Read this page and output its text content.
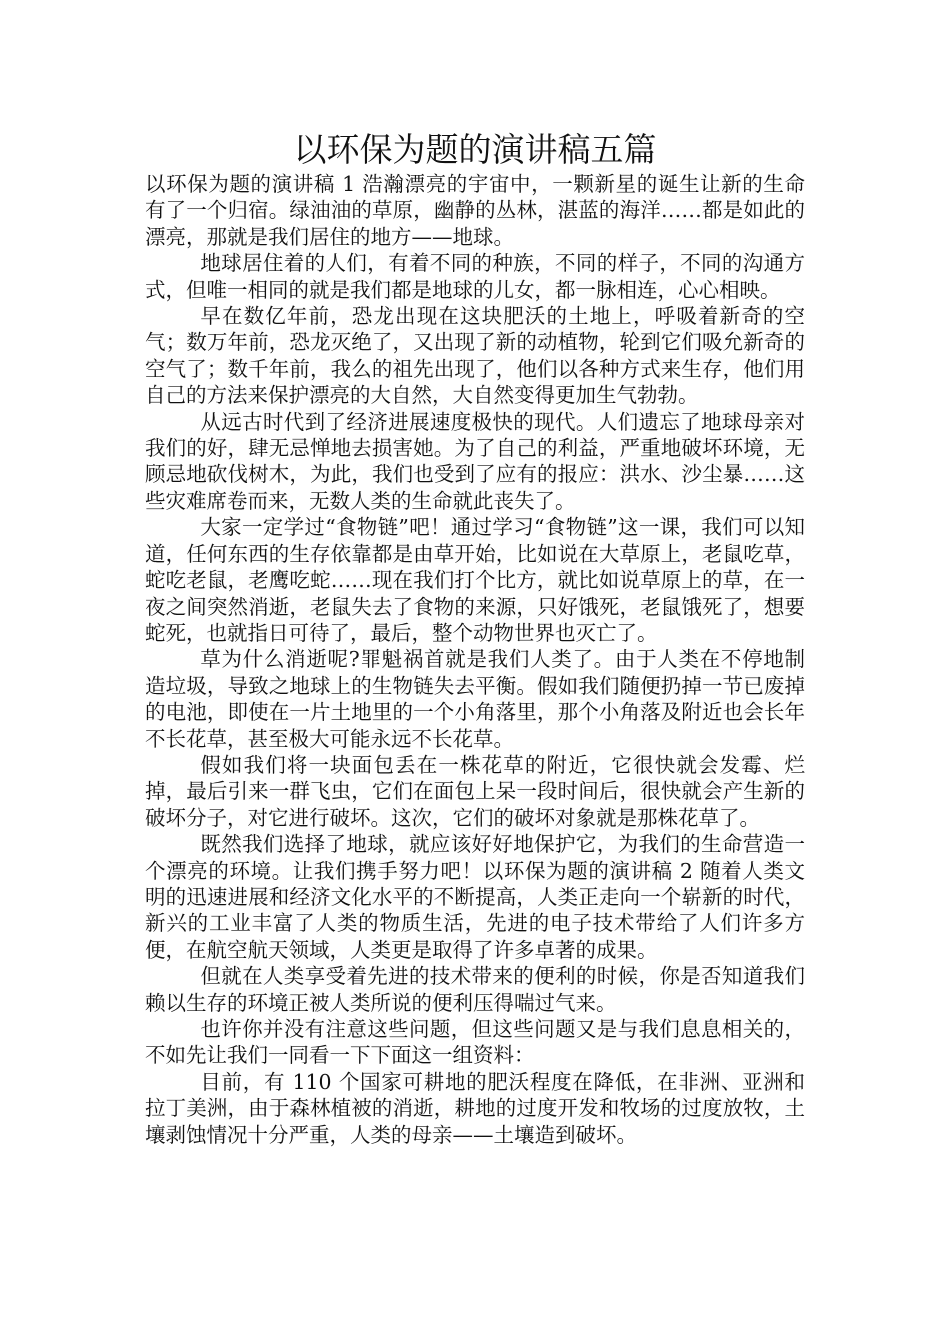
以环保为题的演讲稿五篇

以环保为题的演讲稿 1 浩瀚漂亮的宇宙中，一颗新星的诞生让新的生命有了一个归宿。绿油油的草原，幽静的丛林，湛蓝的海洋……都是如此的漂亮，那就是我们居住的地方——地球。

地球居住着的人们，有着不同的种族，不同的样子，不同的沟通方式，但唯一相同的就是我们都是地球的儿女，都一脉相连，心心相映。

早在数亿年前，恐龙出现在这块肥沃的土地上，呼吸着新奇的空气；数万年前，恐龙灭绝了，又出现了新的动植物，轮到它们吸允新奇的空气了；数千年前，我么的祖先出现了，他们以各种方式来生存，他们用自己的方法来保护漂亮的大自然，大自然变得更加生气勃勃。

从远古时代到了经济进展速度极快的现代。人们遗忘了地球母亲对我们的好，肆无忌惮地去损害她。为了自己的利益，严重地破坏环境，无顾忌地砍伐树木，为此，我们也受到了应有的报应：洪水、沙尘暴……这些灾难席卷而来，无数人类的生命就此丧失了。

大家一定学过“食物链”吧！通过学习“食物链”这一课，我们可以知道，任何东西的生存依靠都是由草开始，比如说在大草原上，老鼠吃草，蛇吃老鼠，老鹰吃蛇……现在我们打个比方，就比如说草原上的草，在一夜之间突然消逝，老鼠失去了食物的来源，只好饿死，老鼠饿死了，想要蛇死，也就指日可待了，最后，整个动物世界也灭亡了。

草为什么消逝呢?罪魁祸首就是我们人类了。由于人类在不停地制造垃圾，导致之地球上的生物链失去平衡。假如我们随便扔掉一节已废掉的电池，即使在一片土地里的一个小角落里，那个小角落及附近也会长年不长花草，甚至极大可能永远不长花草。

假如我们将一块面包丢在一株花草的附近，它很快就会发霉、烂掉，最后引来一群飞虫，它们在面包上呆一段时间后，很快就会产生新的破坏分子，对它进行破坏。这次，它们的破坏对象就是那株花草了。

既然我们选择了地球，就应该好好地保护它，为我们的生命营造一个漂亮的环境。让我们携手努力吧！以环保为题的演讲稿 2 随着人类文明的迅速进展和经济文化水平的不断提高，人类正走向一个崭新的时代，新兴的工业丰富了人类的物质生活，先进的电子技术带给了人们许多方便，在航空航天领域，人类更是取得了许多卓著的成果。

但就在人类享受着先进的技术带来的便利的时候，你是否知道我们赖以生存的环境正被人类所说的便利压得喘过气来。

也许你并没有注意这些问题，但这些问题又是与我们息息相关的，不如先让我们一同看一下下面这一组资料：

目前，有 110 个国家可耕地的肥沃程度在降低，在非洲、亚洲和拉丁美洲，由于森林植被的消逝，耕地的过度开发和牧场的过度放牧，土壤剥蚀情况十分严重，人类的母亲——土壤造到破坏。
